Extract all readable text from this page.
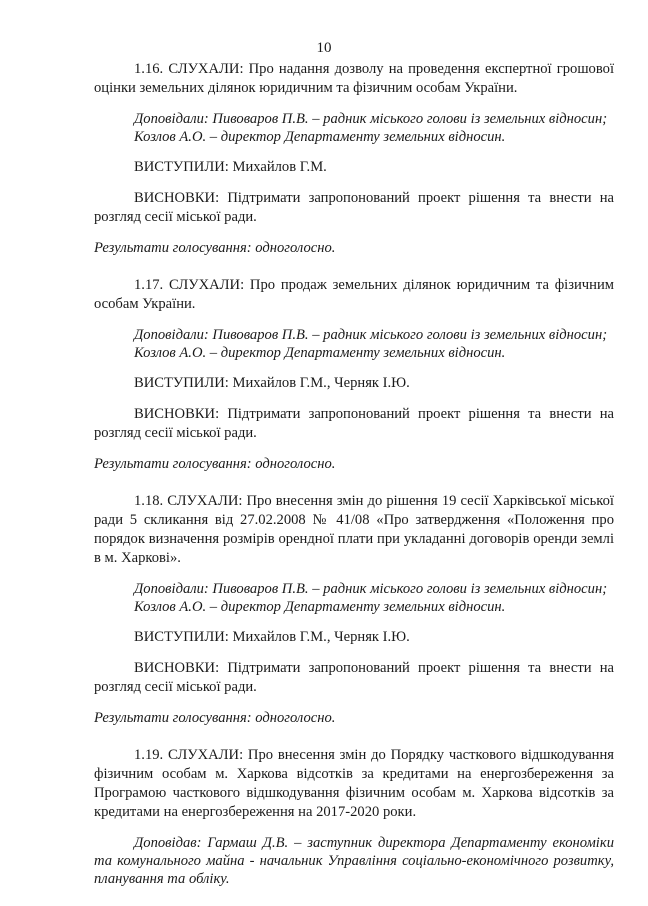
10

1.16. СЛУХАЛИ: Про надання дозволу на проведення експертної грошової оцінки земельних ділянок юридичним та фізичним особам України.

Доповідали: Пивоваров П.В. – радник міського голови із земельних відносин;

Козлов А.О. – директор Департаменту земельних відносин.

ВИСТУПИЛИ: Михайлов Г.М.

ВИСНОВКИ: Підтримати запропонований проект рішення та внести на розгляд сесії міської ради.

Результати голосування: одноголосно.

1.17. СЛУХАЛИ: Про продаж земельних ділянок юридичним та фізичним особам України.

Доповідали: Пивоваров П.В. – радник міського голови із земельних відносин;

Козлов А.О. – директор Департаменту земельних відносин.

ВИСТУПИЛИ: Михайлов Г.М., Черняк І.Ю.

ВИСНОВКИ: Підтримати запропонований проект рішення та внести на розгляд сесії міської ради.

Результати голосування: одноголосно.

1.18. СЛУХАЛИ: Про внесення змін до рішення 19 сесії Харківської міської ради 5 скликання від 27.02.2008 № 41/08 «Про затвердження «Положення про порядок визначення розмірів орендної плати при укладанні договорів оренди землі в м. Харкові».

Доповідали: Пивоваров П.В. – радник міського голови із земельних відносин;

Козлов А.О. – директор Департаменту земельних відносин.

ВИСТУПИЛИ: Михайлов Г.М., Черняк І.Ю.

ВИСНОВКИ: Підтримати запропонований проект рішення та внести на розгляд сесії міської ради.

Результати голосування: одноголосно.

1.19. СЛУХАЛИ: Про внесення змін до Порядку часткового відшкодування фізичним особам м. Харкова відсотків за кредитами на енергозбереження за Програмою часткового відшкодування фізичним особам м. Харкова відсотків за кредитами на енергозбереження на 2017-2020 роки.

Доповідав: Гармаш Д.В. – заступник директора Департаменту економіки та комунального майна - начальник Управління соціально-економічного розвитку, планування та обліку.
